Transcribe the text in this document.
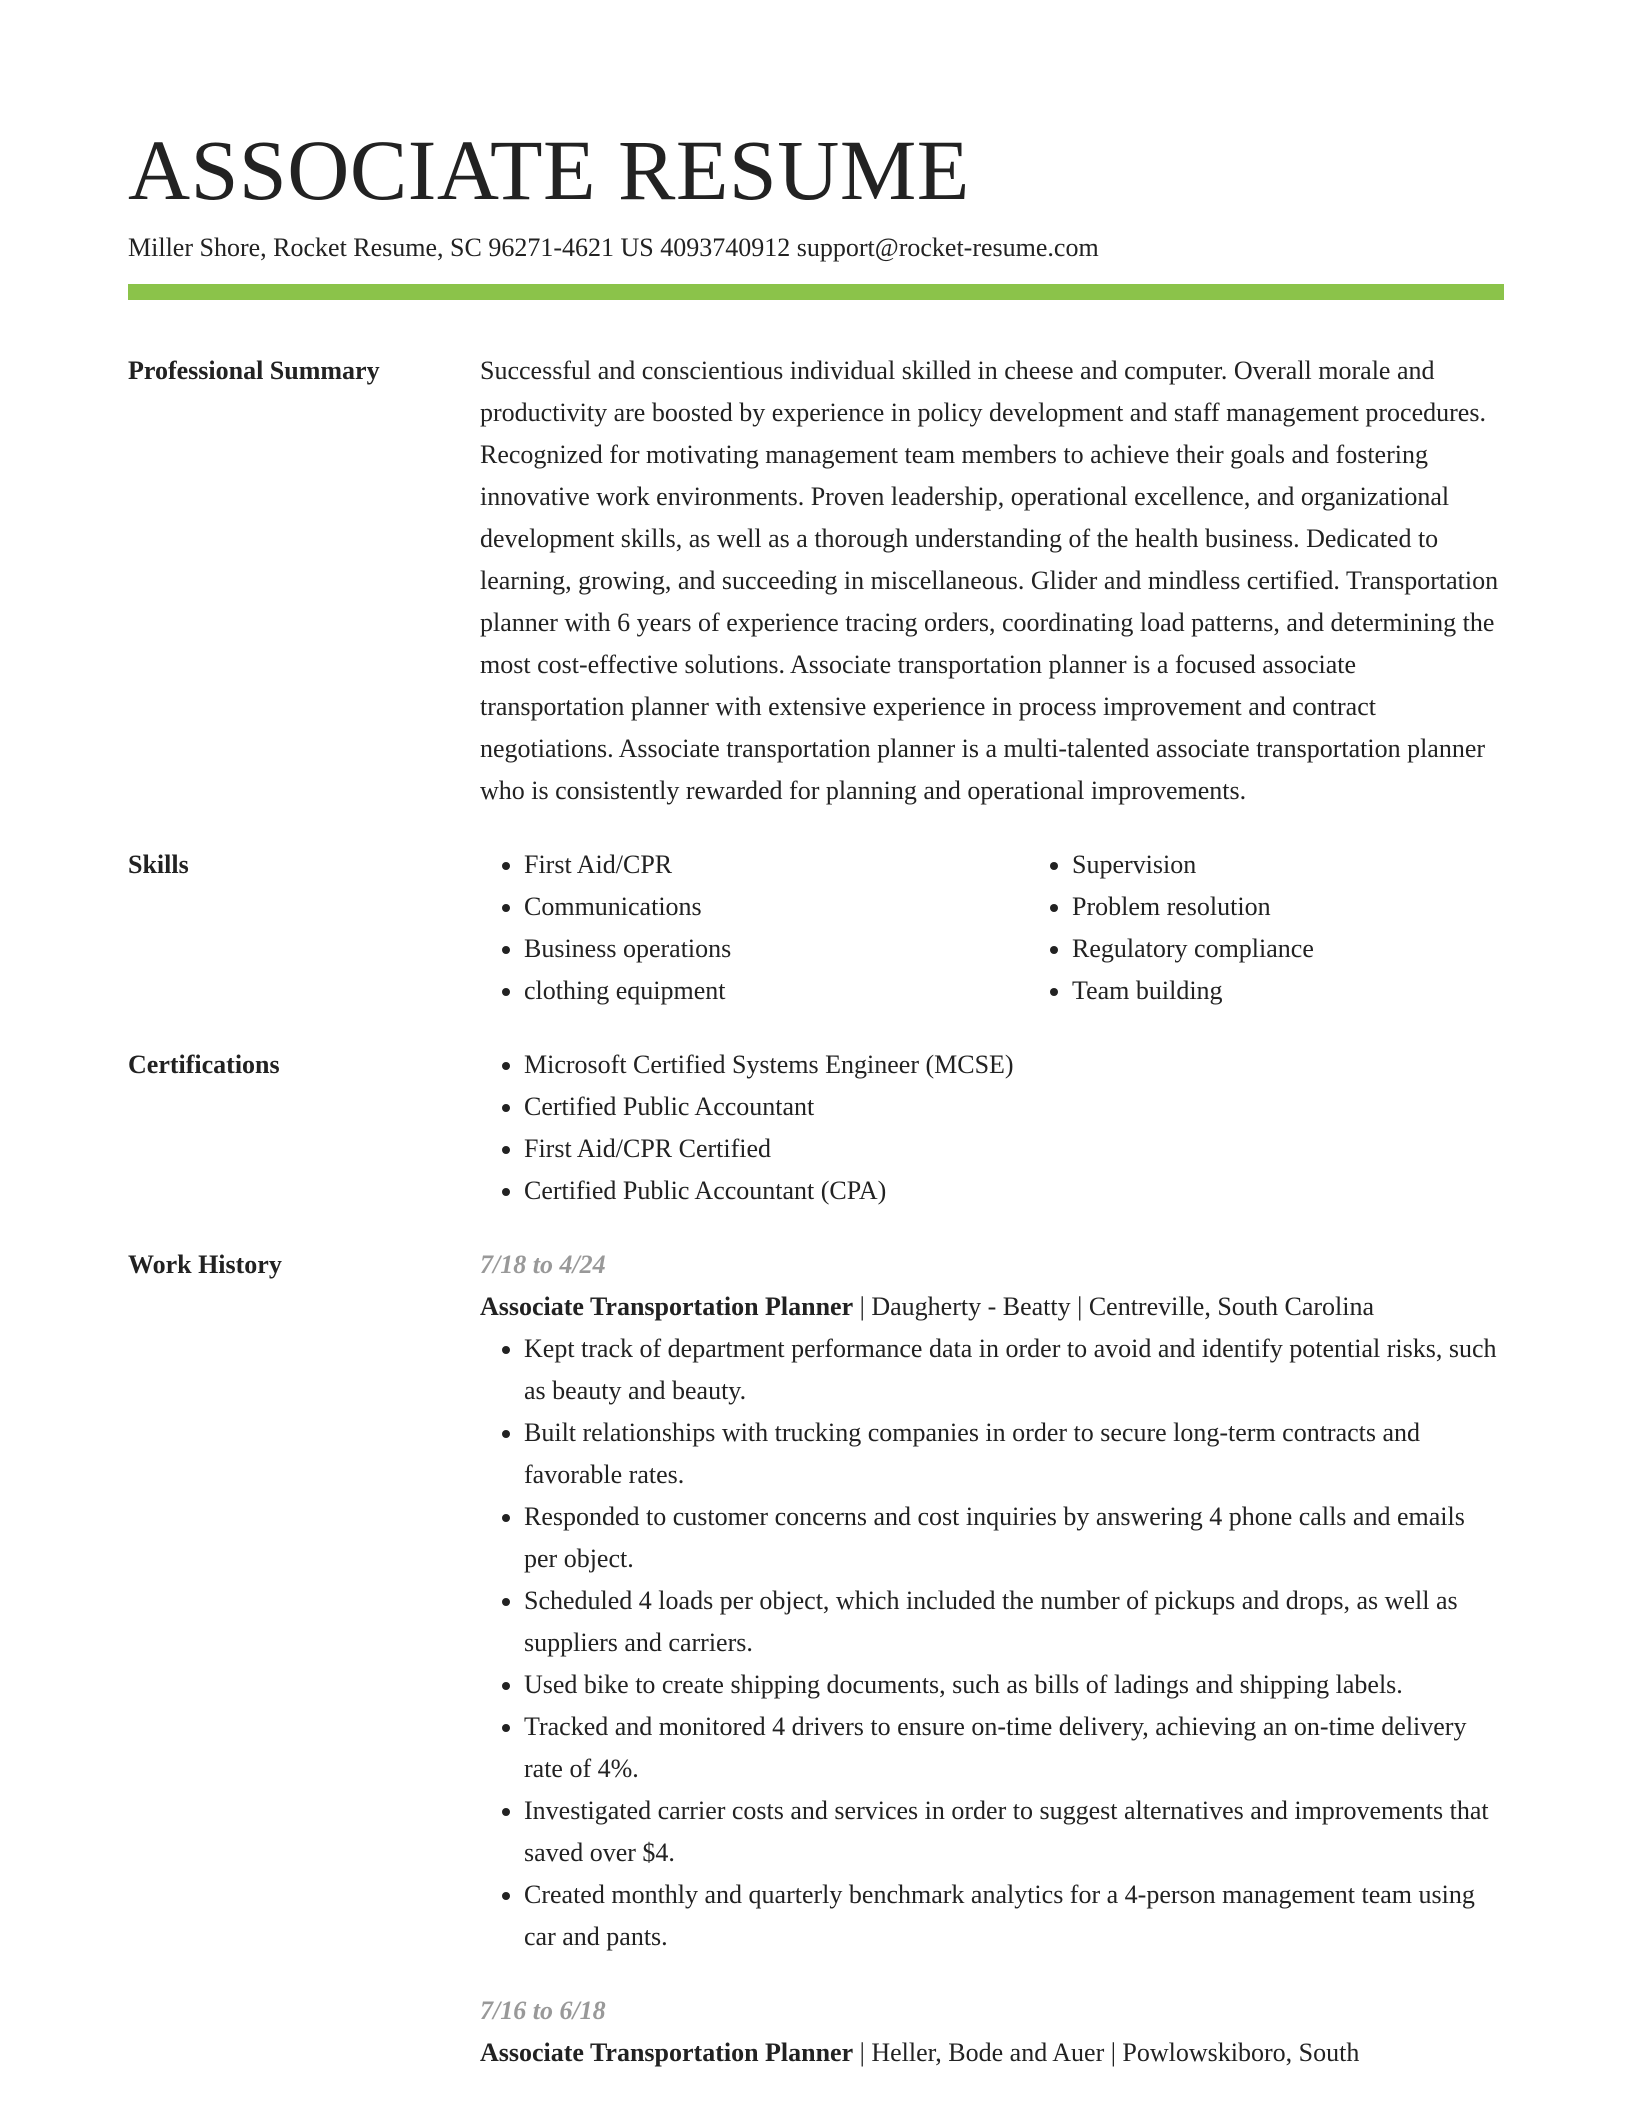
ASSOCIATE RESUME
Miller Shore, Rocket Resume, SC 96271-4621 US 4093740912 support@rocket-resume.com
Professional Summary	Successful and conscientious individual skilled in cheese and computer. Overall morale and productivity are boosted by experience in policy development and staff management procedures. Recognized for motivating management team members to achieve their goals and fostering innovative work environments. Proven leadership, operational excellence, and organizational development skills, as well as a thorough understanding of the health business. Dedicated to learning, growing, and succeeding in miscellaneous. Glider and mindless certified. Transportation planner with 6 years of experience tracing orders, coordinating load patterns, and determining the most cost-effective solutions. Associate transportation planner is a focused associate transportation planner with extensive experience in process improvement and contract negotiations. Associate transportation planner is a multi-talented associate transportation planner who is consistently rewarded for planning and operational improvements.
Skills	• First Aid/CPR
• Communications
• Business operations
• clothing equipment
• Supervision
• Problem resolution
• Regulatory compliance
• Team building
Certifications	• Microsoft Certified Systems Engineer (MCSE)
• Certified Public Accountant
• First Aid/CPR Certified
• Certified Public Accountant (CPA)
Work History	7/18 to 4/24
Associate Transportation Planner | Daugherty - Beatty | Centreville, South Carolina
• Kept track of department performance data in order to avoid and identify potential risks, such as beauty and beauty.
• Built relationships with trucking companies in order to secure long-term contracts and favorable rates.
• Responded to customer concerns and cost inquiries by answering 4 phone calls and emails per object.
• Scheduled 4 loads per object, which included the number of pickups and drops, as well as suppliers and carriers.
• Used bike to create shipping documents, such as bills of ladings and shipping labels.
• Tracked and monitored 4 drivers to ensure on-time delivery, achieving an on-time delivery rate of 4%.
• Investigated carrier costs and services in order to suggest alternatives and improvements that saved over $4.
• Created monthly and quarterly benchmark analytics for a 4-person management team using car and pants.
7/16 to 6/18
Associate Transportation Planner | Heller, Bode and Auer | Powlowskiboro, South
